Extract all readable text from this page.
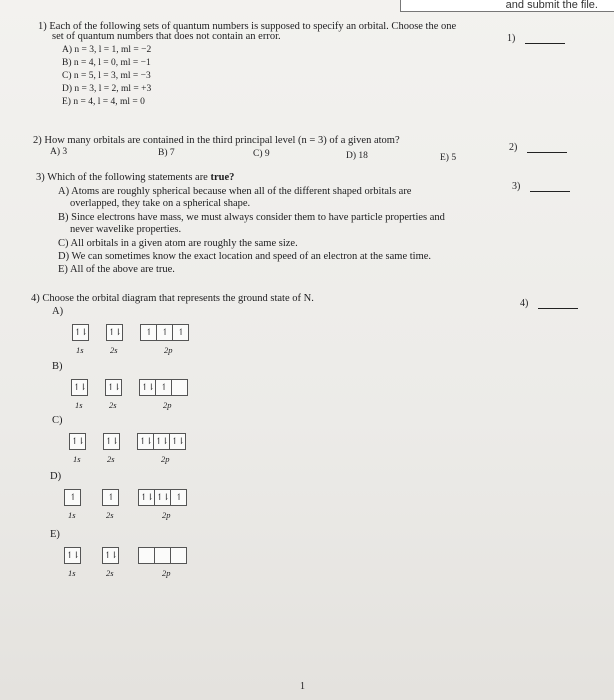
and submit the file.
1) Each of the following sets of quantum numbers is supposed to specify an orbital. Choose the one
set of quantum numbers that does not contain an error.
A) n = 3, l = 1, ml = −2
B) n = 4, l = 0, ml = −1
C) n = 5, l = 3, ml = −3
D) n = 3, l = 2, ml = +3
E) n = 4, l = 4, ml = 0
1)
2) How many orbitals are contained in the third principal level (n = 3) of a given atom?
A) 3	B) 7	C) 9	D) 18	E) 5
2)
3) Which of the following statements are true?
A) Atoms are roughly spherical because when all of the different shaped orbitals are
overlapped, they take on a spherical shape.
B) Since electrons have mass, we must always consider them to have particle properties and
never wavelike properties.
C) All orbitals in a given atom are roughly the same size.
D) We can sometimes know the exact location and speed of an electron at the same time.
E) All of the above are true.
3)
4) Choose the orbital diagram that represents the ground state of N.	4)
A)
↿⇂ ↿⇂	↿	↿	↿
1s	2s	2p
B)
↿⇂ ↿⇂ ↿⇂ ↿
1s	2s	2p
C)
↿⇂ ↿⇂ ↿⇂ ↿⇂ ↿⇂
1s	2s	2p
D)
↿	↿	↿⇂ ↿⇂ ↿
1s	2s	2p
E)
↿⇂	↿⇂
1s	2s	2p
1
